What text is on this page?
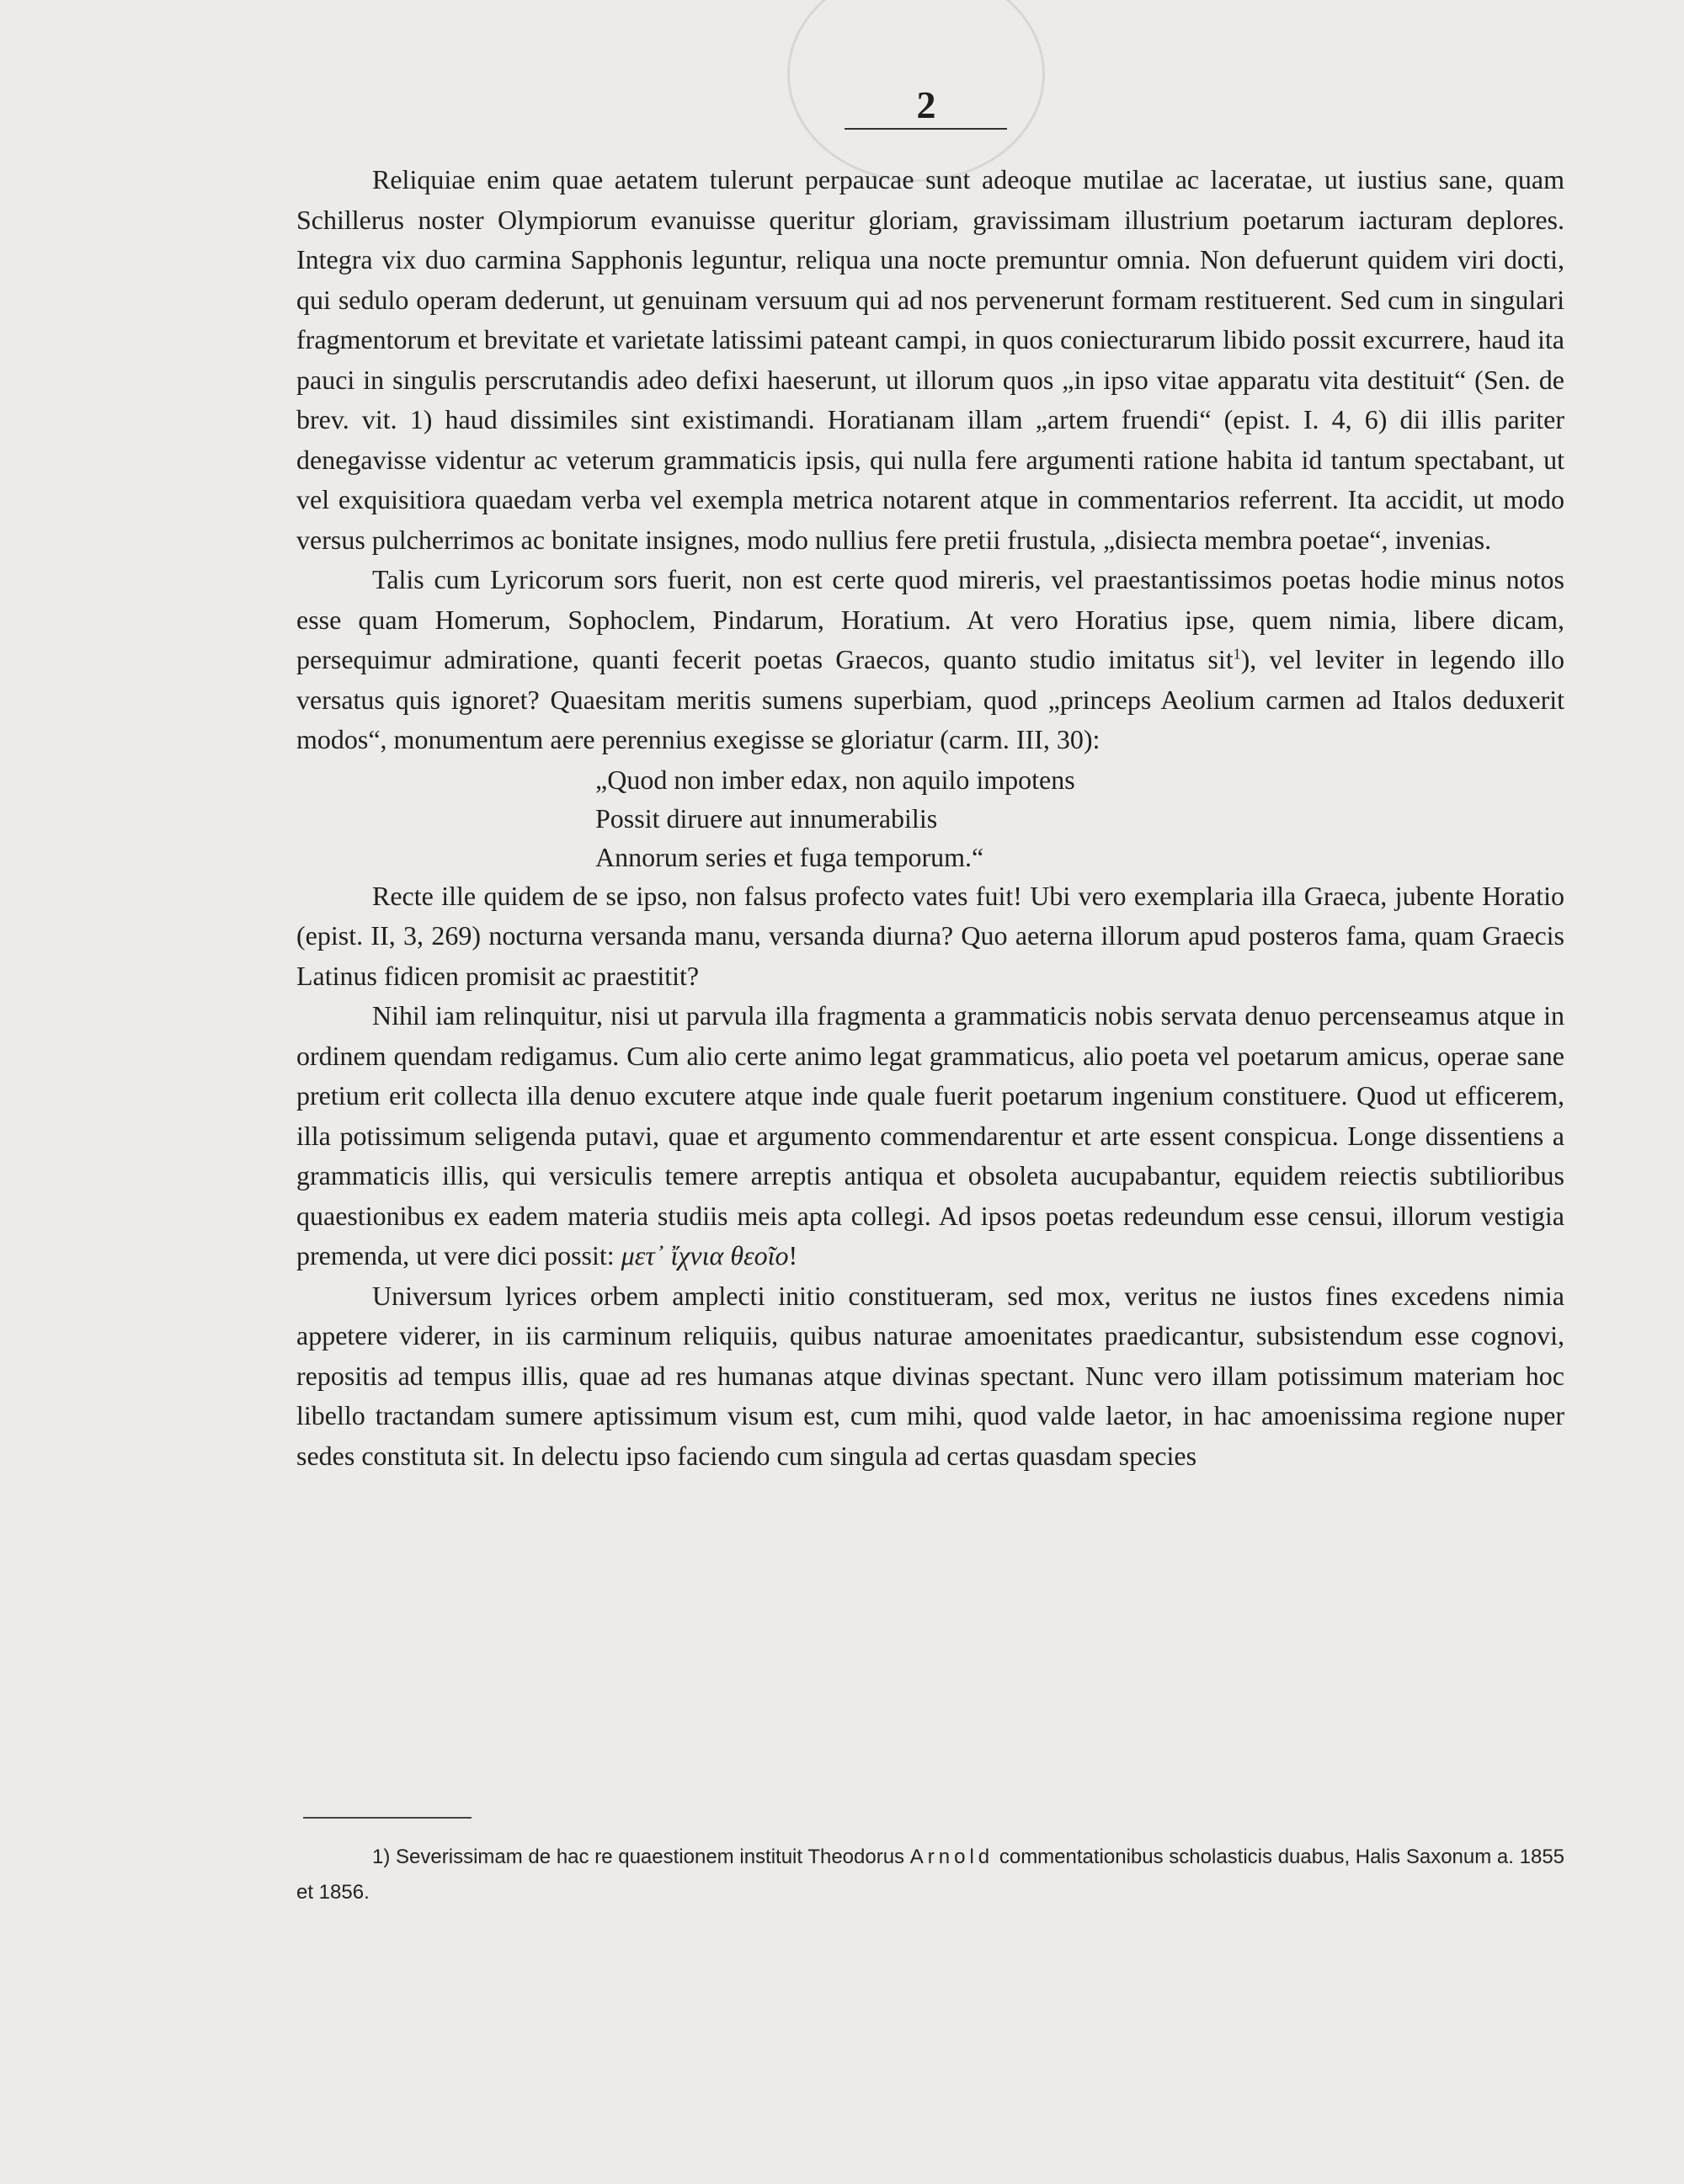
2

Reliquiae enim quae aetatem tulerunt perpaucae sunt adeoque mutilae ac laceratae, ut iustius sane, quam Schillerus noster Olympiorum evanuisse queritur gloriam, gravissimam illustrium poetarum iacturam deplores. Integra vix duo carmina Sapphonis leguntur, reliqua una nocte premuntur omnia. Non defuerunt quidem viri docti, qui sedulo operam dederunt, ut genuinam versuum qui ad nos pervenerunt formam restituerent. Sed cum in singulari fragmentorum et brevitate et varietate latissimi pateant campi, in quos coniecturarum libido possit excurrere, haud ita pauci in singulis perscrutandis adeo defixi haeserunt, ut illorum quos „in ipso vitae apparatu vita destituit“ (Sen. de brev. vit. 1) haud dissimiles sint existimandi. Horatianam illam „artem fruendi“ (epist. I. 4, 6) dii illis pariter denegavisse videntur ac veterum grammaticis ipsis, qui nulla fere argumenti ratione habita id tantum spectabant, ut vel exquisitiora quaedam verba vel exempla metrica notarent atque in commentarios referrent. Ita accidit, ut modo versus pulcherrimos ac bonitate insignes, modo nullius fere pretii frustula, „disiecta membra poetae“, invenias.

Talis cum Lyricorum sors fuerit, non est certe quod mireris, vel praestantissimos poetas hodie minus notos esse quam Homerum, Sophoclem, Pindarum, Horatium. At vero Horatius ipse, quem nimia, libere dicam, persequimur admiratione, quanti fecerit poetas Graecos, quanto studio imitatus sit$^1$), vel leviter in legendo illo versatus quis ignoret? Quaesitam meritis sumens superbiam, quod „princeps Aeolium carmen ad Italos deduxerit modos“, monumentum aere perennius exegisse se gloriatur (carm. III, 30):

„Quod non imber edax, non aquilo impotens
Possit diruere aut innumerabilis
Annorum series et fuga temporum.“

Recte ille quidem de se ipso, non falsus profecto vates fuit! Ubi vero exemplaria illa Graeca, jubente Horatio (epist. II, 3, 269) nocturna versanda manu, versanda diurna? Quo aeterna illorum apud posteros fama, quam Graecis Latinus fidicen promisit ac praestitit?

Nihil iam relinquitur, nisi ut parvula illa fragmenta a grammaticis nobis servata denuo percenseamus atque in ordinem quendam redigamus. Cum alio certe animo legat grammaticus, alio poeta vel poetarum amicus, operae sane pretium erit collecta illa denuo excutere atque inde quale fuerit poetarum ingenium constituere. Quod ut efficerem, illa potissimum seligenda putavi, quae et argumento commendarentur et arte essent conspicua. Longe dissentiens a grammaticis illis, qui versiculis temere arreptis antiqua et obsoleta aucupabantur, equidem reiectis subtilioribus quaestionibus ex eadem materia studiis meis apta collegi. Ad ipsos poetas redeundum esse censui, illorum vestigia premenda, ut vere dici possit: μετ᾽ ἴχνια θεοῖο!

Universum lyrices orbem amplecti initio constitueram, sed mox, veritus ne iustos fines excedens nimia appetere viderer, in iis carminum reliquiis, quibus naturae amoenitates praedicantur, subsistendum esse cognovi, repositis ad tempus illis, quae ad res humanas atque divinas spectant. Nunc vero illam potissimum materiam hoc libello tractandam sumere aptissimum visum est, cum mihi, quod valde laetor, in hac amoenissima regione nuper sedes constituta sit. In delectu ipso faciendo cum singula ad certas quasdam species

1) Severissimam de hac re quaestionem instituit Theodorus Arnold commentationibus scholasticis duabus, Halis Saxonum a. 1855 et 1856.
